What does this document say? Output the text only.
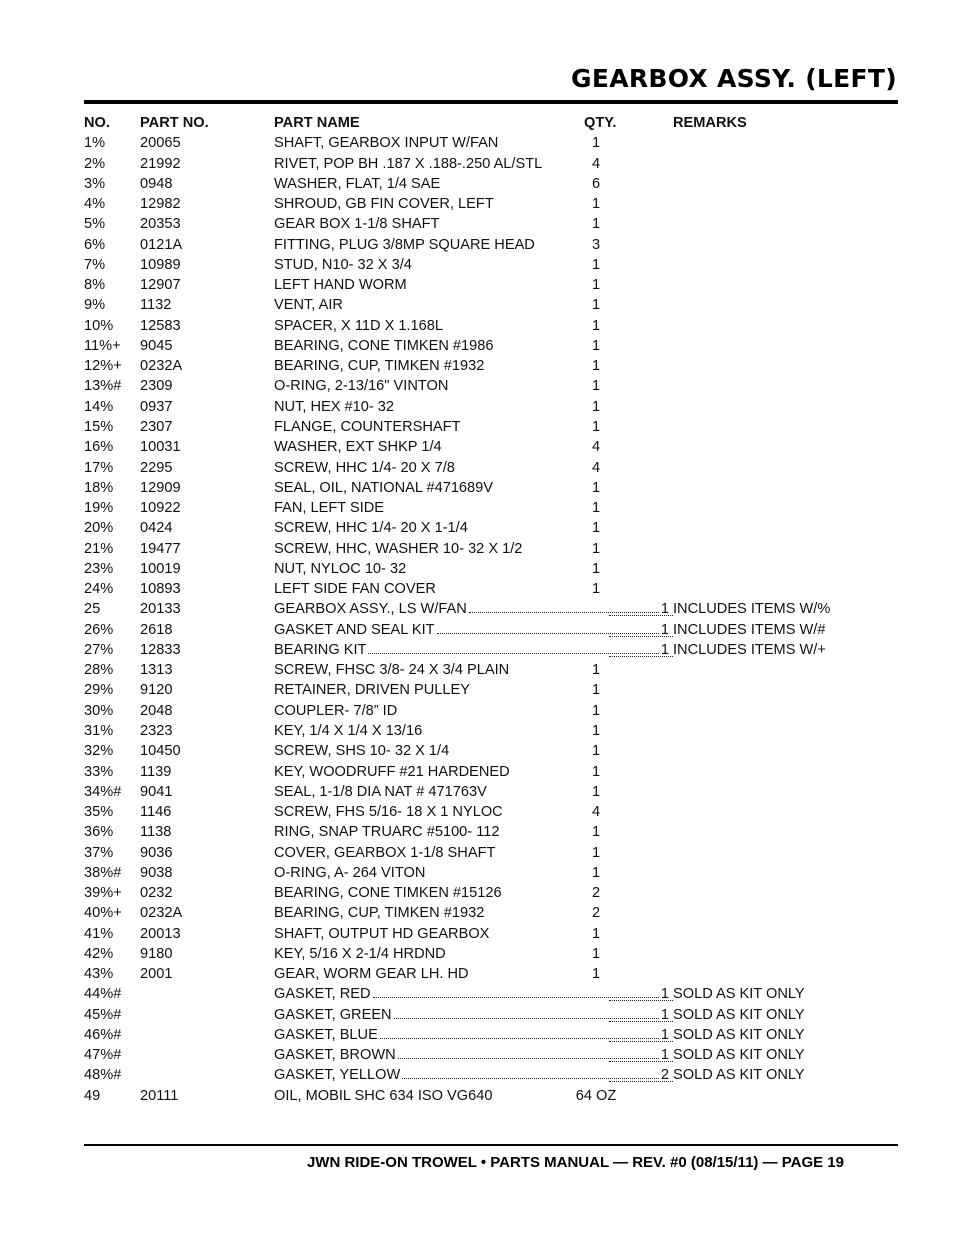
GEARBOX ASSY. (LEFT)
NO. PART NO.	PART NAME	QTY.	REMARKS
1% 20065	SHAFT, GEARBOX INPUT W/FAN	1
2% 21992	RIVET, POP BH .187 X .188-.250 AL/STL	4
3% 0948	WASHER, FLAT, 1/4 SAE	6
4% 12982	SHROUD, GB FIN COVER, LEFT	1
5% 20353	GEAR BOX 1-1/8 SHAFT	1
6% 0121A	FITTING, PLUG 3/8MP SQUARE HEAD	3
7% 10989	STUD, N10- 32 X 3/4	1
8% 12907	LEFT HAND WORM	1
9% 1132	VENT, AIR	1
10% 12583	SPACER, X 11D X 1.168L	1
11%+ 9045	BEARING, CONE TIMKEN #1986	1
12%+ 0232A	BEARING, CUP, TIMKEN #1932	1
13%# 2309	O-RING, 2-13/16" VINTON	1
14% 0937	NUT, HEX #10- 32	1
15% 2307	FLANGE, COUNTERSHAFT	1
16% 10031	WASHER, EXT SHKP 1/4	4
17% 2295	SCREW, HHC 1/4- 20 X 7/8	4
18% 12909	SEAL, OIL, NATIONAL #471689V	1
19% 10922	FAN, LEFT SIDE	1
20% 0424	SCREW, HHC 1/4- 20 X 1-1/4	1
21% 19477	SCREW, HHC, WASHER 10- 32 X 1/2	1
23% 10019	NUT, NYLOC 10- 32	1
24% 10893	LEFT SIDE FAN COVER	1
25	20133	GEARBOX ASSY., LS W/FAN	1 INCLUDES ITEMS W/%
26% 2618	GASKET AND SEAL KIT	1 INCLUDES ITEMS W/#
27% 12833	BEARING KIT	1 INCLUDES ITEMS W/+
28% 1313	SCREW, FHSC 3/8- 24 X 3/4 PLAIN	1
29% 9120	RETAINER, DRIVEN PULLEY	1
30% 2048	COUPLER- 7/8” ID	1
31% 2323	KEY, 1/4 X 1/4 X 13/16	1
32% 10450	SCREW, SHS 10- 32 X 1/4	1
33% 1139	KEY, WOODRUFF #21 HARDENED	1
34%# 9041	SEAL, 1-1/8 DIA NAT # 471763V	1
35% 1146	SCREW, FHS 5/16- 18 X 1 NYLOC	4
36% 1138	RING, SNAP TRUARC #5100- 112	1
37% 9036	COVER, GEARBOX 1-1/8 SHAFT	1
38%# 9038	O-RING, A- 264 VITON	1
39%+ 0232	BEARING, CONE TIMKEN #15126	2
40%+ 0232A	BEARING, CUP, TIMKEN #1932	2
41% 20013	SHAFT, OUTPUT HD GEARBOX	1
42% 9180	KEY, 5/16 X 2-1/4 HRDND	1
43% 2001	GEAR, WORM GEAR LH. HD	1
44%#	GASKET, RED	1 SOLD AS KIT ONLY
45%#	GASKET, GREEN	1 SOLD AS KIT ONLY
46%#	GASKET, BLUE	1 SOLD AS KIT ONLY
47%#	GASKET, BROWN	1 SOLD AS KIT ONLY
48%#	GASKET, YELLOW	2 SOLD AS KIT ONLY
49	20111	OIL, MOBIL SHC 634 ISO VG640	64 OZ
JWN RIDE-ON TROWEL • PARTS MANUAL — REV. #0 (08/15/11) — PAGE 19
